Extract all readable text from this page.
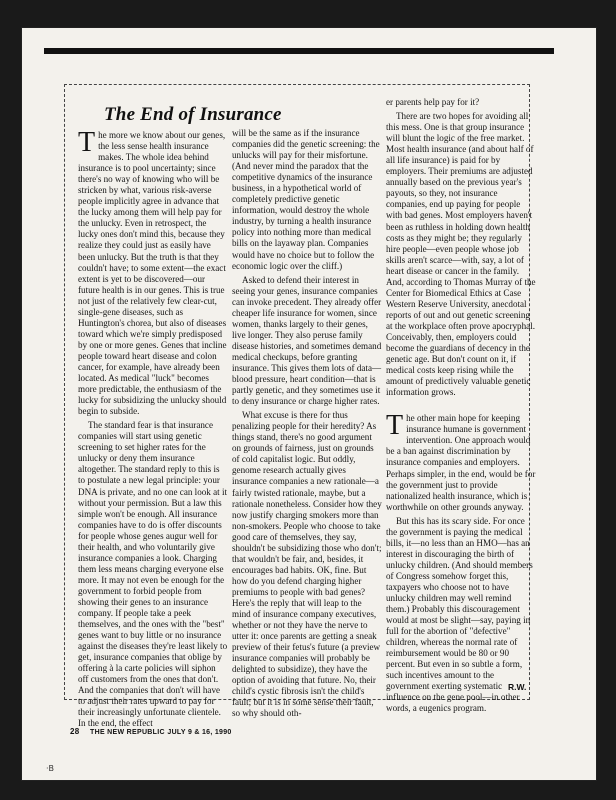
The End of Insurance

The more we know about our genes, the less sense health insurance makes. The whole idea behind insurance is to pool uncertainty; since there's no way of knowing who will be stricken by what, various risk-averse people implicitly agree in advance that the lucky among them will help pay for the unlucky. Even in retrospect, the lucky ones don't mind this, because they realize they could just as easily have been unlucky. But the truth is that they couldn't have; to some extent—the exact extent is yet to be discovered—our future health is in our genes. This is true not just of the relatively few clear-cut, single-gene diseases, such as Huntington's chorea, but also of diseases toward which we're simply predisposed by one or more genes. Genes that incline people toward heart disease and colon cancer, for example, have already been located. As medical "luck" becomes more predictable, the enthusiasm of the lucky for subsidizing the unlucky should begin to subside.

The standard fear is that insurance companies will start using genetic screening to set higher rates for the unlucky or deny them insurance altogether. The standard reply to this is to postulate a new legal principle: your DNA is private, and no one can look at it without your permission. But a law this simple won't be enough. All insurance companies have to do is offer discounts for people whose genes augur well for their health, and who voluntarily give insurance companies a look. Charging them less means charging everyone else more. It may not even be enough for the government to forbid people from showing their genes to an insurance company. If people take a peek themselves, and the ones with the "best" genes want to buy little or no insurance against the diseases they're least likely to get, insurance companies that oblige by offering à la carte policies will siphon off customers from the ones that don't. And the companies that don't will have to adjust their rates upward to pay for their increasingly unfortunate clientele. In the end, the effect

will be the same as if the insurance companies did the genetic screening: the unlucks will pay for their misfortune. (And never mind the paradox that the competitive dynamics of the insurance business, in a hypothetical world of completely predictive genetic information, would destroy the whole industry, by turning a health insurance policy into nothing more than medical bills on the layaway plan. Companies would have no choice but to follow the economic logic over the cliff.)

Asked to defend their interest in seeing your genes, insurance companies can invoke precedent. They already offer cheaper life insurance for women, since women, thanks largely to their genes, live longer. They also peruse family disease histories, and sometimes demand medical checkups, before granting insurance. This gives them lots of data—blood pressure, heart condition—that is partly genetic, and they sometimes use it to deny insurance or charge higher rates.

What excuse is there for thus penalizing people for their heredity? As things stand, there's no good argument on grounds of fairness, just on grounds of cold capitalist logic. But oddly, genome research actually gives insurance companies a new rationale—a fairly twisted rationale, maybe, but a rationale nonetheless. Consider how they now justify charging smokers more than non-smokers. People who choose to take good care of themselves, they say, shouldn't be subsidizing those who don't; that wouldn't be fair, and, besides, it encourages bad habits. OK, fine. But how do you defend charging higher premiums to people with bad genes? Here's the reply that will leap to the mind of insurance company executives, whether or not they have the nerve to utter it: once parents are getting a sneak preview of their fetus's future (a preview insurance companies will probably be delighted to subsidize), they have the option of avoiding that future. No, their child's cystic fibrosis isn't the child's fault; but it is in some sense their fault, so why should oth-

er parents help pay for it?

There are two hopes for avoiding all this mess. One is that group insurance will blunt the logic of the free market. Most health insurance (and about half of all life insurance) is paid for by employers. Their premiums are adjusted annually based on the previous year's payouts, so they, not insurance companies, end up paying for people with bad genes. Most employers haven't been as ruthless in holding down health costs as they might be; they regularly hire people—even people whose job skills aren't scarce—with, say, a lot of heart disease or cancer in the family. And, according to Thomas Murray of the Center for Biomedical Ethics at Case Western Reserve University, anecdotal reports of out and out genetic screening at the workplace often prove apocryphal. Conceivably, then, employers could become the guardians of decency in the genetic age. But don't count on it, if medical costs keep rising while the amount of predictively valuable genetic information grows.

The other main hope for keeping insurance humane is government intervention. One approach would be a ban against discrimination by insurance companies and employers. Perhaps simpler, in the end, would be for the government just to provide nationalized health insurance, which is worthwhile on other grounds anyway.

But this has its scary side. For once the government is paying the medical bills, it—no less than an HMO—has an interest in discouraging the birth of unlucky children. (And should members of Congress somehow forget this, taxpayers who choose not to have unlucky children may well remind them.) Probably this discouragement would at most be slight—say, paying in full for the abortion of "defective" children, whereas the normal rate of reimbursement would be 80 or 90 percent. But even in so subtle a form, such incentives amount to the government exerting systematic influence on the gene pool—in other words, a eugenics program.

R.W.
28 THE NEW REPUBLIC JULY 9 & 16, 1990
·B
